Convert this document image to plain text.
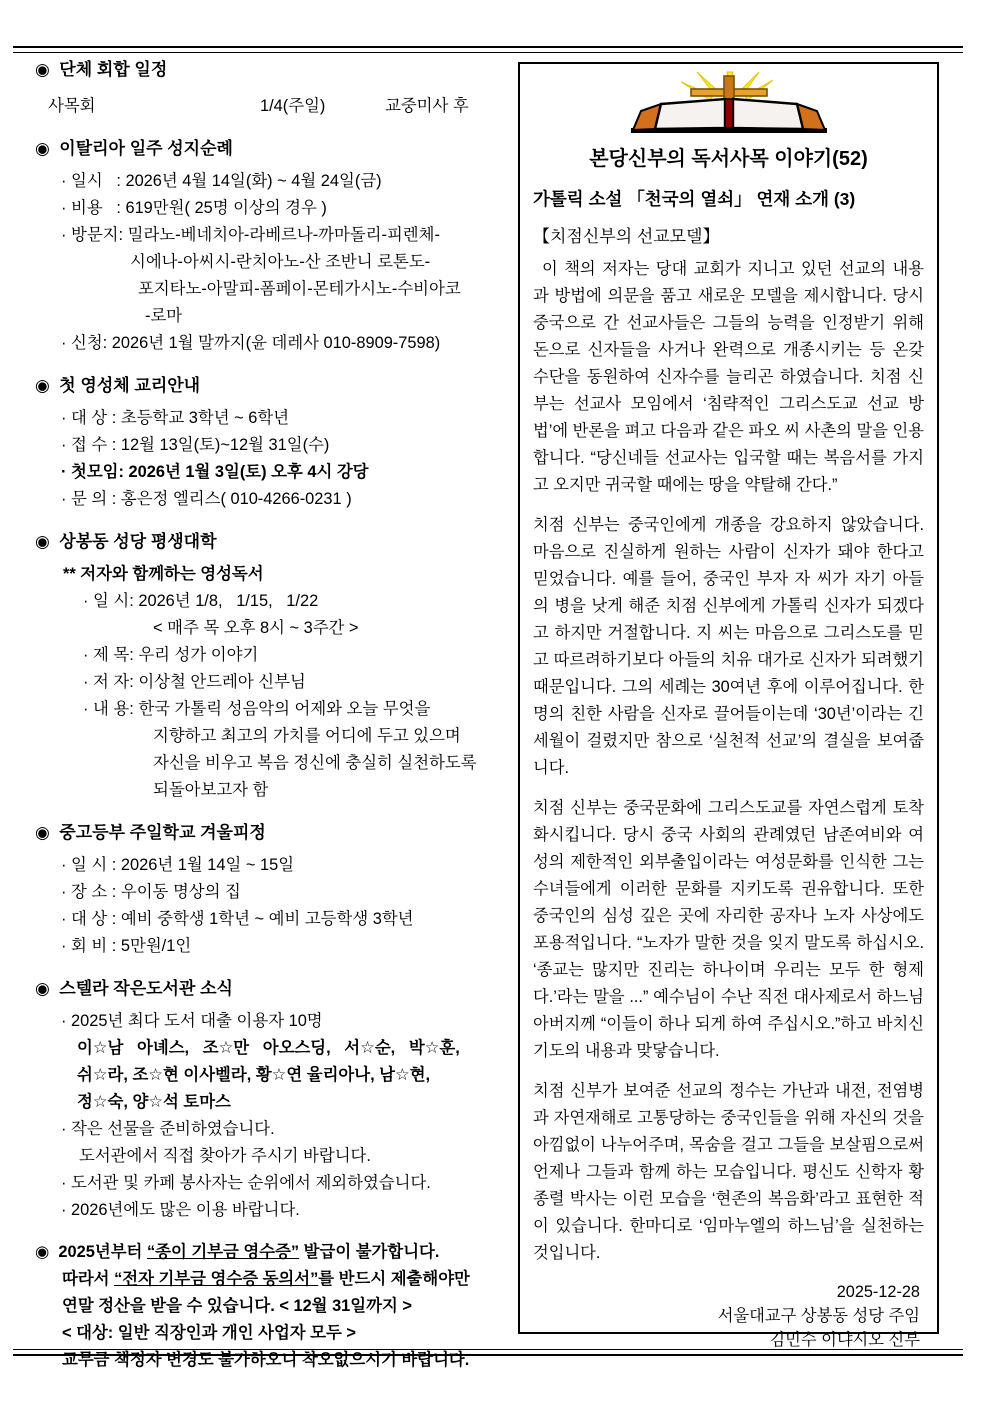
◉  단체 회합 일정
사목회	1/4(주일)	교중미사 후
◉  이탈리아 일주 성지순례
· 일시   : 2026년 4월 14일(화) ~ 4월 24일(금)
· 비용   : 619만원( 25명 이상의 경우 )
· 방문지: 밀라노-베네치아-라베르나-까마돌리-피렌체-
시에나-아씨시-란치아노-산 조반니 로톤도-
포지타노-아말피-폼페이-몬테가시노-수비아코
-로마
· 신청: 2026년 1월 말까지(윤 데레사 010-8909-7598)
◉  첫 영성체 교리안내
· 대 상 : 초등학교 3학년 ~ 6학년
· 접 수 : 12월 13일(토)~12월 31일(수)
· 첫모임: 2026년 1월 3일(토) 오후 4시 강당
· 문 의 : 홍은정 엘리스( 010-4266-0231 )
◉  상봉동 성당 평생대학
** 저자와 함께하는 영성독서
· 일 시: 2026년 1/8,   1/15,   1/22
< 매주 목 오후 8시 ~ 3주간 >
· 제 목: 우리 성가 이야기
· 저 자: 이상철 안드레아 신부님
· 내 용: 한국 가톨릭 성음악의 어제와 오늘 무엇을
지향하고 최고의 가치를 어디에 두고 있으며
자신을 비우고 복음 정신에 충실히 실천하도록
되돌아보고자 함
◉  중고등부 주일학교 겨울피정
· 일 시 : 2026년 1월 14일 ~ 15일
· 장 소 : 우이동 명상의 집
· 대 상 : 예비 중학생 1학년 ~ 예비 고등학생 3학년
· 회 비 : 5만원/1인
◉  스텔라 작은도서관 소식
· 2025년 최다 도서 대출 이용자 10명
이☆남   아녜스,   조☆만   아오스딩,   서☆순,   박☆훈,
쉬☆라, 조☆현 이사벨라, 황☆연 율리아나, 남☆현,
정☆숙, 양☆석 토마스
· 작은 선물을 준비하였습니다.
도서관에서 직접 찾아가 주시기 바랍니다.
· 도서관 및 카페 봉사자는 순위에서 제외하였습니다.
· 2026년에도 많은 이용 바랍니다.
◉  2025년부터 “종이 기부금 영수증” 발급이 불가합니다.
따라서 “전자 기부금 영수증 동의서”를 반드시 제출해야만
연말 정산을 받을 수 있습니다. < 12월 31일까지 >
< 대상: 일반 직장인과 개인 사업자 모두 >
교무금 책정자 변경도 불가하오니 착오없으시기 바랍니다.
본당신부의 독서사목 이야기(52)
가톨릭 소설 「천국의 열쇠」 연재 소개 (3)
【치점신부의 선교모델】

이 책의 저자는 당대 교회가 지니고 있던 선교의 내용과 방법에 의문을 품고 새로운 모델을 제시합니다. 당시 중국으로 간 선교사들은 그들의 능력을 인정받기 위해 돈으로 신자들을 사거나 완력으로 개종시키는 등 온갖 수단을 동원하여 신자수를 늘리곤 하였습니다. 치점 신부는 선교사 모임에서 ‘침략적인 그리스도교 선교 방법’에 반론을 펴고 다음과 같은 파오 씨 사촌의 말을 인용합니다. “당신네들 선교사는 입국할 때는 복음서를 가지고 오지만 귀국할 때에는 땅을 약탈해 간다.”

치점 신부는 중국인에게 개종을 강요하지 않았습니다. 마음으로 진실하게 원하는 사람이 신자가 돼야 한다고 믿었습니다. 예를 들어, 중국인 부자 자 씨가 자기 아들의 병을 낫게 해준 치점 신부에게 가톨릭 신자가 되겠다고 하지만 거절합니다. 지 씨는 마음으로 그리스도를 믿고 따르려하기보다 아들의 치유 대가로 신자가 되려했기 때문입니다. 그의 세례는 30여년 후에 이루어집니다. 한 명의 친한 사람을 신자로 끌어들이는데 ‘30년’이라는 긴 세월이 걸렸지만 참으로 ‘실천적 선교’의 결실을 보여줍니다.

치점 신부는 중국문화에 그리스도교를 자연스럽게 토착화시킵니다. 당시 중국 사회의 관례였던 남존여비와 여성의 제한적인 외부출입이라는 여성문화를 인식한 그는 수녀들에게 이러한 문화를 지키도록 권유합니다. 또한 중국인의 심성 깊은 곳에 자리한 공자나 노자 사상에도 포용적입니다. “노자가 말한 것을 잊지 말도록 하십시오. ‘종교는 많지만 진리는 하나이며 우리는 모두 한 형제다.’라는 말을 ...” 예수님이 수난 직전 대사제로서 하느님 아버지께 “이들이 하나 되게 하여 주십시오.”하고 바치신 기도의 내용과 맞닿습니다.

치점 신부가 보여준 선교의 정수는 가난과 내전, 전염병과 자연재해로 고통당하는 중국인들을 위해 자신의 것을 아낌없이 나누어주며, 목숨을 걸고 그들을 보살핌으로써 언제나 그들과 함께 하는 모습입니다. 평신도 신학자 황종렬 박사는 이런 모습을 ‘현존의 복음화’라고 표현한 적이 있습니다. 한마디로 ‘임마누엘의 하느님’을 실천하는 것입니다.

2025-12-28
서울대교구 상봉동 성당 주임
김민수 이냐시오 신부
